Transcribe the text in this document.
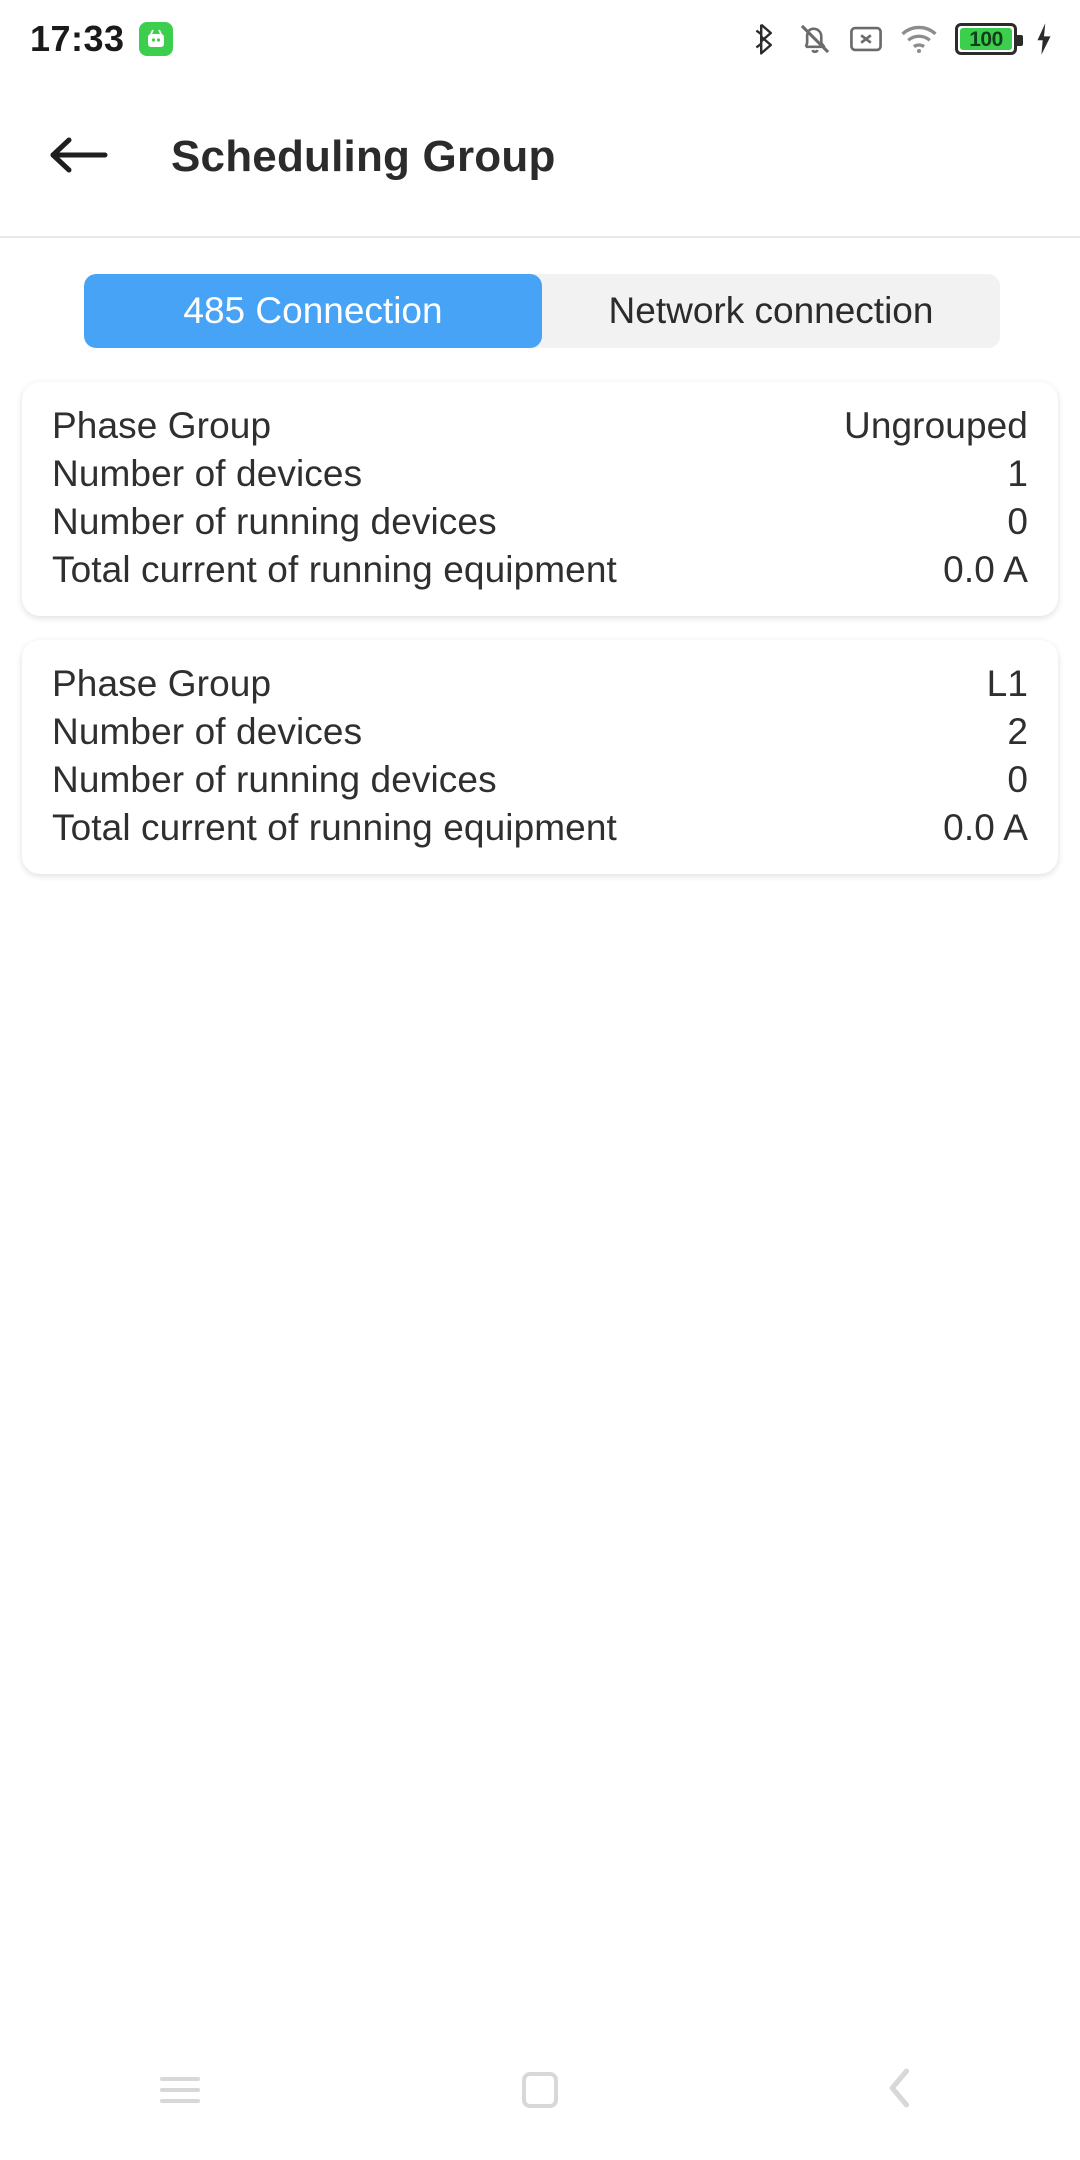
17:33	100
Scheduling Group
485 Connection	Network connection
Phase Group	Ungrouped
Number of devices	1
Number of running devices	0
Total current of running equipment	0.0 A
Phase Group	L1
Number of devices	2
Number of running devices	0
Total current of running equipment	0.0 A
